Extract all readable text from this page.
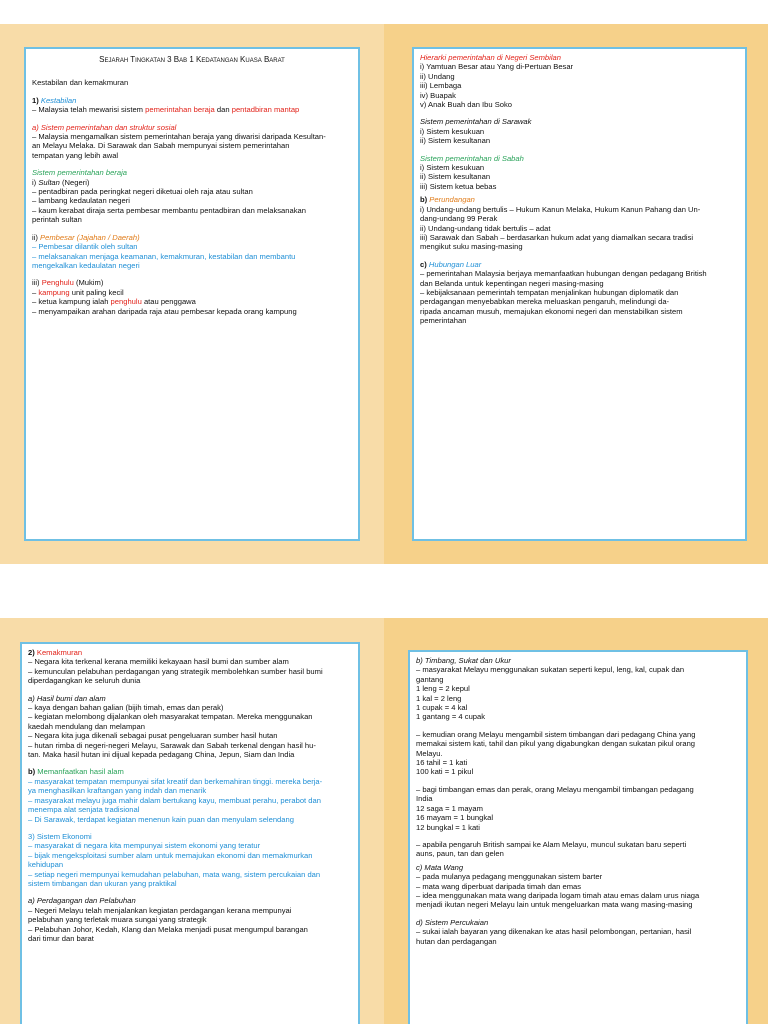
Sejarah Tingkatan 3 Bab 1 Kedatangan Kuasa Barat

Kestabilan dan kemakmuran

1) Kestabilan

– Malaysia telah mewarisi sistem pemerintahan beraja dan pentadbiran mantap

a) Sistem pemerintahan dan struktur sosial

– Malaysia mengamalkan sistem pemerintahan beraja yang diwarisi daripada Kesultan-

an Melayu Melaka. Di Sarawak dan Sabah mempunyai sistem pemerintahan

tempatan yang lebih awal

Sistem pemerintahan beraja

i) Sultan (Negeri)

– pentadbiran pada peringkat negeri diketuai oleh raja atau sultan

– lambang kedaulatan negeri

– kaum kerabat diraja serta pembesar membantu pentadbiran dan melaksanakan

perintah sultan

ii) Pembesar (Jajahan / Daerah)

– Pembesar dilantik oleh sultan

– melaksanakan menjaga keamanan, kemakmuran, kestabilan dan membantu

mengekalkan kedaulatan negeri

iii) Penghulu (Mukim)

– kampung unit paling kecil

– ketua kampung ialah penghulu atau penggawa

– menyampaikan arahan daripada raja atau pembesar kepada orang kampung

Hierarki pemerintahan di Negeri Sembilan

i) Yamtuan Besar atau Yang di-Pertuan Besar

ii) Undang

iii) Lembaga

iv) Buapak

v) Anak Buah dan Ibu Soko

Sistem pemerintahan di Sarawak

i) Sistem kesukuan

ii) Sistem kesultanan

Sistem pemerintahan di Sabah

i) Sistem kesukuan

ii) Sistem kesultanan

iii) Sistem ketua bebas

b) Perundangan

i) Undang-undang bertulis – Hukum Kanun Melaka, Hukum Kanun Pahang dan Un-

dang-undang 99 Perak

ii) Undang-undang tidak bertulis – adat

iii) Sarawak dan Sabah – berdasarkan hukum adat yang diamalkan secara tradisi

mengikut suku masing-masing

c) Hubungan Luar

– pemerintahan Malaysia berjaya memanfaatkan hubungan dengan pedagang British

dan Belanda untuk kepentingan negeri masing-masing

– kebijaksanaan pemerintah tempatan menjalinkan hubungan diplomatik dan

perdagangan menyebabkan mereka meluaskan pengaruh, melindungi da-

ripada ancaman musuh, memajukan ekonomi negeri dan menstabilkan sistem

pemerintahan

2) Kemakmuran

– Negara kita terkenal kerana memiliki kekayaan hasil bumi dan sumber alam

– kemunculan pelabuhan perdagangan yang strategik membolehkan sumber hasil bumi

diperdagangkan ke seluruh dunia

a) Hasil bumi dan alam

– kaya dengan bahan galian (bijih timah, emas dan perak)

– kegiatan melombong dijalankan oleh masyarakat tempatan. Mereka menggunakan

kaedah mendulang dan melampan

– Negara kita juga dikenali sebagai pusat pengeluaran sumber hasil hutan

– hutan rimba di negeri-negeri Melayu, Sarawak dan Sabah terkenal dengan hasil hu-

tan. Maka hasil hutan ini dijual kepada pedagang China, Jepun, Siam dan India

b) Memanfaatkan hasil alam

– masyarakat tempatan mempunyai sifat kreatif dan berkemahiran tinggi. mereka berja-

ya menghasilkan kraftangan yang indah dan menarik

– masyarakat melayu juga mahir dalam bertukang kayu, membuat perahu, perabot dan

menempa alat senjata tradisional

– Di Sarawak, terdapat kegiatan menenun kain puan dan menyulam selendang

3) Sistem Ekonomi

– masyarakat di negara kita mempunyai sistem ekonomi yang teratur

– bijak mengeksploitasi sumber alam untuk memajukan ekonomi dan memakmurkan

kehidupan

– setiap negeri mempunyai kemudahan pelabuhan, mata wang, sistem percukaian dan

sistem timbangan dan ukuran yang praktikal

a) Perdagangan dan Pelabuhan

– Negeri Melayu telah menjalankan kegiatan perdagangan kerana mempunyai

pelabuhan yang terletak muara sungai yang strategik

– Pelabuhan Johor, Kedah, Klang dan Melaka menjadi pusat mengumpul barangan

dari timur dan barat

b) Timbang, Sukat dan Ukur

– masyarakat Melayu menggunakan sukatan seperti kepul, leng, kal, cupak dan

gantang

1 leng = 2 kepul

1 kal = 2 leng

1 cupak = 4 kal

1 gantang = 4 cupak

– kemudian orang Melayu mengambil sistem timbangan dari pedagang China yang

memakai sistem kati, tahil dan pikul yang digabungkan dengan sukatan pikul orang

Melayu.

16 tahil = 1 kati

100 kati = 1 pikul

– bagi timbangan emas dan perak, orang Melayu mengambil timbangan pedagang

India

12 saga = 1 mayam

16 mayam = 1 bungkal

12 bungkal = 1 kati

– apabila pengaruh British sampai ke Alam Melayu, muncul sukatan baru seperti

auns, paun, tan dan gelen

c) Mata Wang

– pada mulanya pedagang menggunakan sistem barter

– mata wang diperbuat daripada timah dan emas

– idea menggunakan mata wang daripada logam timah atau emas dalam urus niaga

menjadi ikutan negeri Melayu lain untuk mengeluarkan mata wang masing-masing

d) Sistem Percukaian

– sukai ialah bayaran yang dikenakan ke atas hasil pelombongan, pertanian, hasil

hutan dan perdagangan
